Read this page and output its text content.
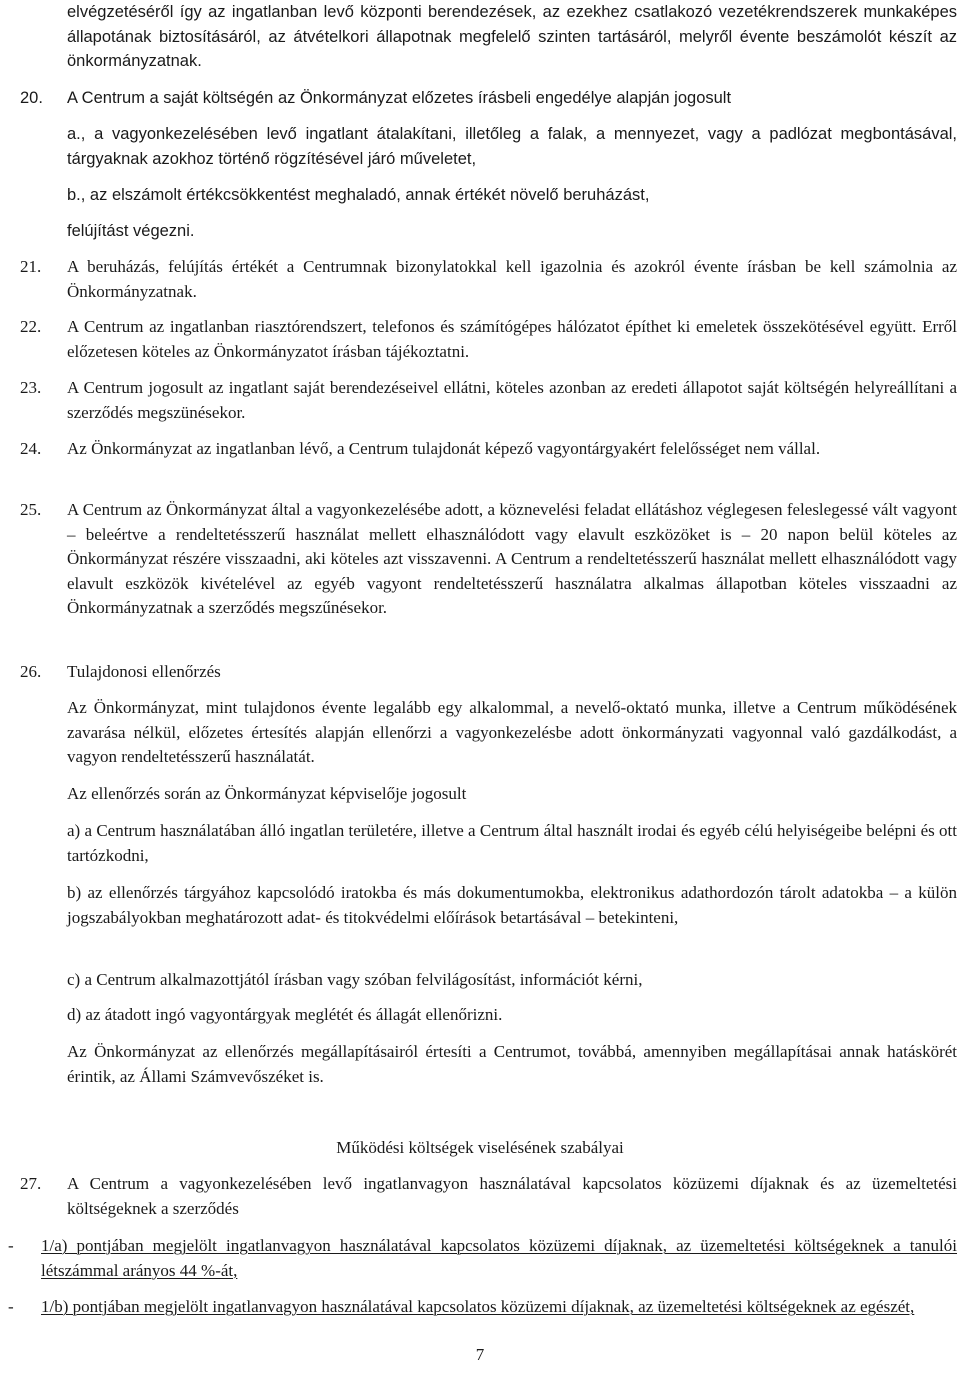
elvégzetéséről így az ingatlanban levő központi berendezések, az ezekhez csatlakozó vezetékrendszerek munkaképes állapotának biztosításáról, az átvételkori állapotnak megfelelő szinten tartásáról, melyről évente beszámolót készít az önkormányzatnak.
20.	A Centrum a saját költségén az Önkormányzat előzetes írásbeli engedélye alapján jogosult
a., a vagyonkezelésében levő ingatlant átalakítani, illetőleg a falak, a mennyezet, vagy a padlózat megbontásával, tárgyaknak azokhoz történő rögzítésével járó műveletet,
b., az elszámolt értékcsökkentést meghaladó, annak értékét növelő beruházást,
felújítást végezni.
21.	A beruházás, felújítás értékét a Centrumnak bizonylatokkal kell igazolnia és azokról évente írásban be kell számolnia az Önkormányzatnak.
22.	A Centrum az ingatlanban riasztórendszert, telefonos és számítógépes hálózatot építhet ki emeletek összekötésével együtt. Erről előzetesen köteles az Önkormányzatot írásban tájékoztatni.
23.	A Centrum jogosult az ingatlant saját berendezéseivel ellátni, köteles azonban az eredeti állapotot saját költségén helyreállítani a szerződés megszünésekor.
24.	Az Önkormányzat az ingatlanban lévő, a Centrum tulajdonát képező vagyontárgyakért felelősséget nem vállal.
25.	A Centrum az Önkormányzat által a vagyonkezelésébe adott, a köznevelési feladat ellátáshoz véglegesen feleslegessé vált vagyont – beleértve a rendeltetésszerű használat mellett elhasználódott vagy elavult eszközöket is – 20 napon belül köteles az Önkormányzat részére visszaadni, aki köteles azt visszavenni. A Centrum a rendeltetésszerű használat mellett elhasználódott vagy elavult eszközök kivételével az egyéb vagyont rendeltetésszerű használatra alkalmas állapotban köteles visszaadni az Önkormányzatnak a szerződés megszűnésekor.
26.	Tulajdonosi ellenőrzés
Az Önkormányzat, mint tulajdonos évente legalább egy alkalommal, a nevelő-oktató munka, illetve a Centrum működésének zavarása nélkül, előzetes értesítés alapján ellenőrzi a vagyonkezelésbe adott önkormányzati vagyonnal való gazdálkodást, a vagyon rendeltetésszerű használatát.
Az ellenőrzés során az Önkormányzat képviselője jogosult
a) a Centrum használatában álló ingatlan területére, illetve a Centrum által használt irodai és egyéb célú helyiségeibe belépni és ott tartózkodni,
b) az ellenőrzés tárgyához kapcsolódó iratokba és más dokumentumokba, elektronikus adathordozón tárolt adatokba – a külön jogszabályokban meghatározott adat- és titokvédelmi előírások betartásával – betekinteni,
c) a Centrum alkalmazottjától írásban vagy szóban felvilágosítást, információt kérni,
d) az átadott ingó vagyontárgyak meglétét és állagát ellenőrizni.
Az Önkormányzat az ellenőrzés megállapításairól értesíti a Centrumot, továbbá, amennyiben megállapításai annak hatáskörét érintik, az Állami Számvevőszéket is.
Működési költségek viselésének szabályai
27.	A Centrum a vagyonkezelésében levő ingatlanvagyon használatával kapcsolatos közüzemi díjaknak és az üzemeltetési költségeknek a szerződés
-	1/a) pontjában megjelölt ingatlanvagyon használatával kapcsolatos közüzemi díjaknak, az üzemeltetési költségeknek a tanulói létszámmal arányos 44 %-át,
-	1/b) pontjában megjelölt ingatlanvagyon használatával kapcsolatos közüzemi díjaknak, az üzemeltetési költségeknek az egészét,
7
